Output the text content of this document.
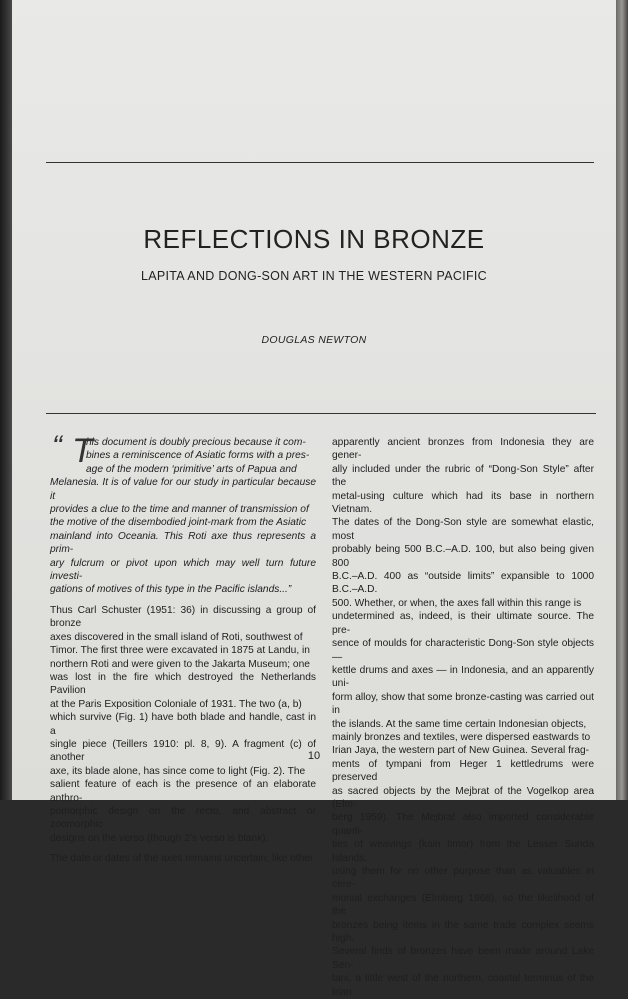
REFLECTIONS IN BRONZE
LAPITA AND DONG-SON ART IN THE WESTERN PACIFIC
DOUGLAS NEWTON
“ T
his document is doubly precious because it com-
bines a reminiscence of Asiatic forms with a pres-
age of the modern ‘primitive’ arts of Papua and
Melanesia. It is of value for our study in particular because it
provides a clue to the time and manner of transmission of
the motive of the disembodied joint-mark from the Asiatic
mainland into Oceania. This Roti axe thus represents a prim-
ary fulcrum or pivot upon which may well turn future investi-
gations of motives of this type in the Pacific islands...”
Thus Carl Schuster (1951: 36) in discussing a group of bronze
axes discovered in the small island of Roti, southwest of
Timor. The first three were excavated in 1875 at Landu, in
northern Roti and were given to the Jakarta Museum; one
was lost in the fire which destroyed the Netherlands Pavilion
at the Paris Exposition Coloniale of 1931. The two (a, b)
which survive (Fig. 1) have both blade and handle, cast in a
single piece (Teillers 1910: pl. 8, 9). A fragment (c) of another
axe, its blade alone, has since come to light (Fig. 2). The
salient feature of each is the presence of an elaborate anthro-
pomorphic design on the recto, and abstract or zoomorphic
designs on the verso (though 2’s verso is blank).
The date or dates of the axes remains uncertain; like other
apparently ancient bronzes from Indonesia they are gener-
ally included under the rubric of “Dong-Son Style” after the
metal-using culture which had its base in northern Vietnam.
The dates of the Dong-Son style are somewhat elastic, most
probably being 500 B.C.–A.D. 100, but also being given 800
B.C.–A.D. 400 as “outside limits” expansible to 1000 B.C.–A.D.
500. Whether, or when, the axes fall within this range is
undetermined as, indeed, is their ultimate source. The pre-
sence of moulds for characteristic Dong-Son style objects —
kettle drums and axes — in Indonesia, and an apparently uni-
form alloy, show that some bronze-casting was carried out in
the islands. At the same time certain Indonesian objects,
mainly bronzes and textiles, were dispersed eastwards to
Irian Jaya, the western part of New Guinea. Several frag-
ments of tympani from Heger 1 kettledrums were preserved
as sacred objects by the Mejbrat of the Vogelkop area (Elm-
berg 1959). The Mejbrat also imported considerable quanti-
ties of weavings (kain timor) from the Lesser Sunda Islands,
using them for no other purpose than as valuables in cere-
monial exchanges (Elmberg 1968), so the likelihood of the
bronzes being items in the same trade complex seems high.
Several finds of bronzes have been made around Lake Sen-
tani, a little west of the northern, coastal terminus of the Irian
10
